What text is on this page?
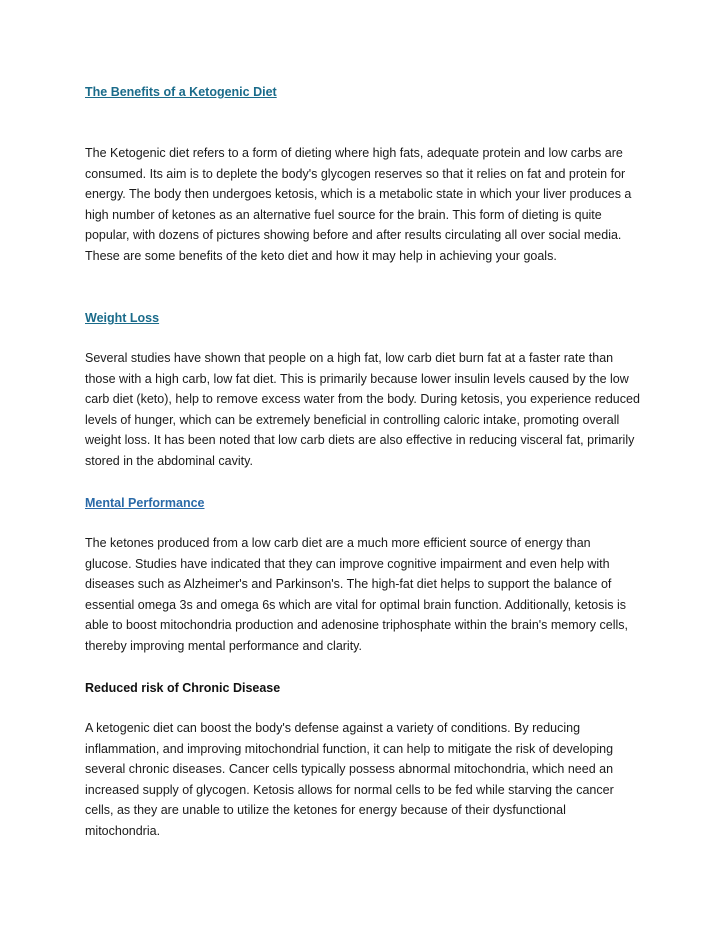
The Benefits of a Ketogenic Diet

The Ketogenic diet refers to a form of dieting where high fats, adequate protein and low carbs are consumed. Its aim is to deplete the body's glycogen reserves so that it relies on fat and protein for energy. The body then undergoes ketosis, which is a metabolic state in which your liver produces a high number of ketones as an alternative fuel source for the brain. This form of dieting is quite popular, with dozens of pictures showing before and after results circulating all over social media. These are some benefits of the keto diet and how it may help in achieving your goals.

Weight Loss

Several studies have shown that people on a high fat, low carb diet burn fat at a faster rate than those with a high carb, low fat diet. This is primarily because lower insulin levels caused by the low carb diet (keto), help to remove excess water from the body. During ketosis, you experience reduced levels of hunger, which can be extremely beneficial in controlling caloric intake, promoting overall weight loss. It has been noted that low carb diets are also effective in reducing visceral fat, primarily stored in the abdominal cavity.

Mental Performance

The ketones produced from a low carb diet are a much more efficient source of energy than glucose. Studies have indicated that they can improve cognitive impairment and even help with diseases such as Alzheimer's and Parkinson's. The high-fat diet helps to support the balance of essential omega 3s and omega 6s which are vital for optimal brain function. Additionally, ketosis is able to boost mitochondria production and adenosine triphosphate within the brain's memory cells, thereby improving mental performance and clarity.

Reduced risk of Chronic Disease

A ketogenic diet can boost the body's defense against a variety of conditions. By reducing inflammation, and improving mitochondrial function, it can help to mitigate the risk of developing several chronic diseases. Cancer cells typically possess abnormal mitochondria, which need an increased supply of glycogen. Ketosis allows for normal cells to be fed while starving the cancer cells, as they are unable to utilize the ketones for energy because of their dysfunctional mitochondria.
